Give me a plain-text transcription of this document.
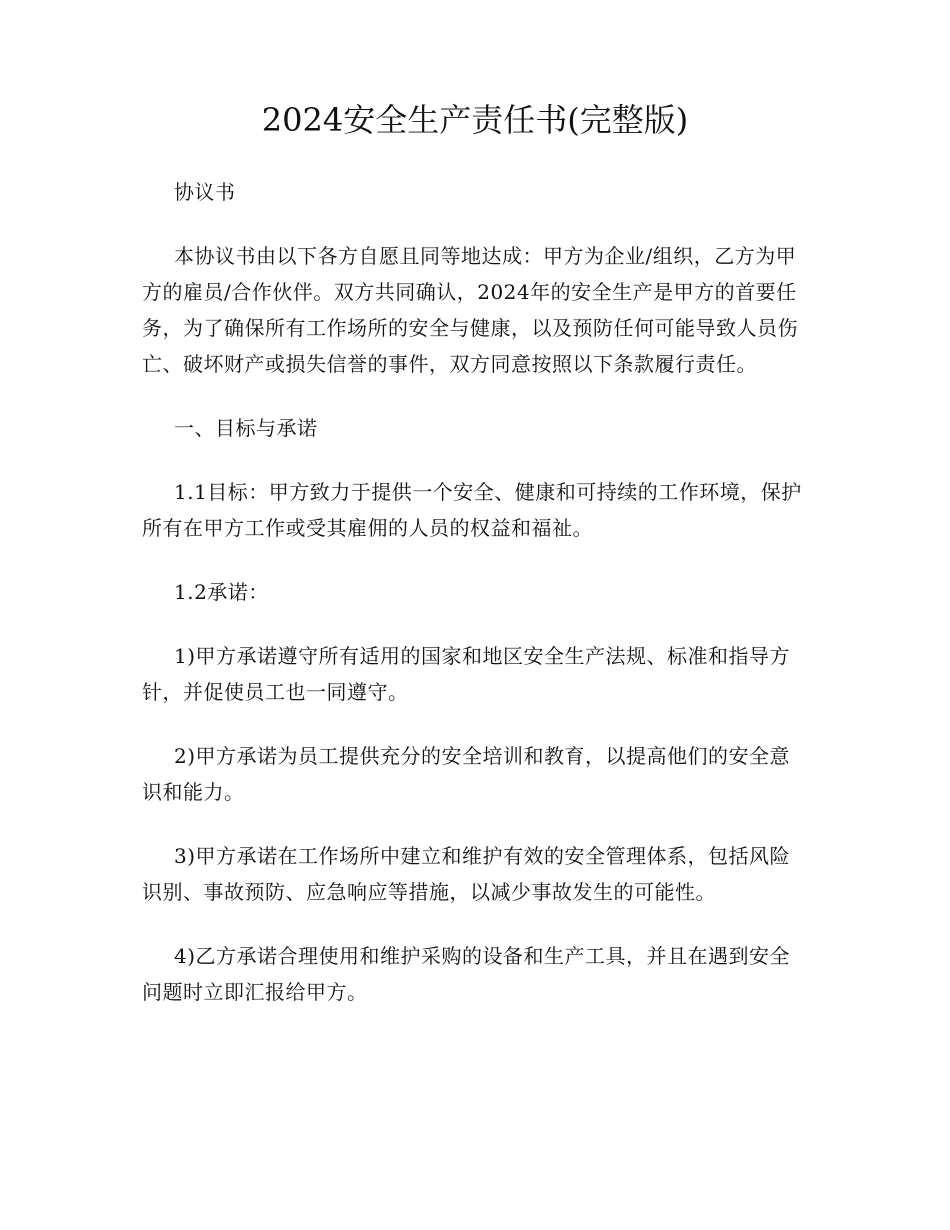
2024安全生产责任书(完整版)

协议书

本协议书由以下各方自愿且同等地达成：甲方为企业/组织，乙方为甲方的雇员/合作伙伴。双方共同确认，2024年的安全生产是甲方的首要任务，为了确保所有工作场所的安全与健康，以及预防任何可能导致人员伤亡、破坏财产或损失信誉的事件，双方同意按照以下条款履行责任。

一、目标与承诺

1.1目标：甲方致力于提供一个安全、健康和可持续的工作环境，保护所有在甲方工作或受其雇佣的人员的权益和福祉。

1.2承诺：

1)甲方承诺遵守所有适用的国家和地区安全生产法规、标准和指导方针，并促使员工也一同遵守。

2)甲方承诺为员工提供充分的安全培训和教育，以提高他们的安全意识和能力。

3)甲方承诺在工作场所中建立和维护有效的安全管理体系，包括风险识别、事故预防、应急响应等措施，以减少事故发生的可能性。

4)乙方承诺合理使用和维护采购的设备和生产工具，并且在遇到安全问题时立即汇报给甲方。
